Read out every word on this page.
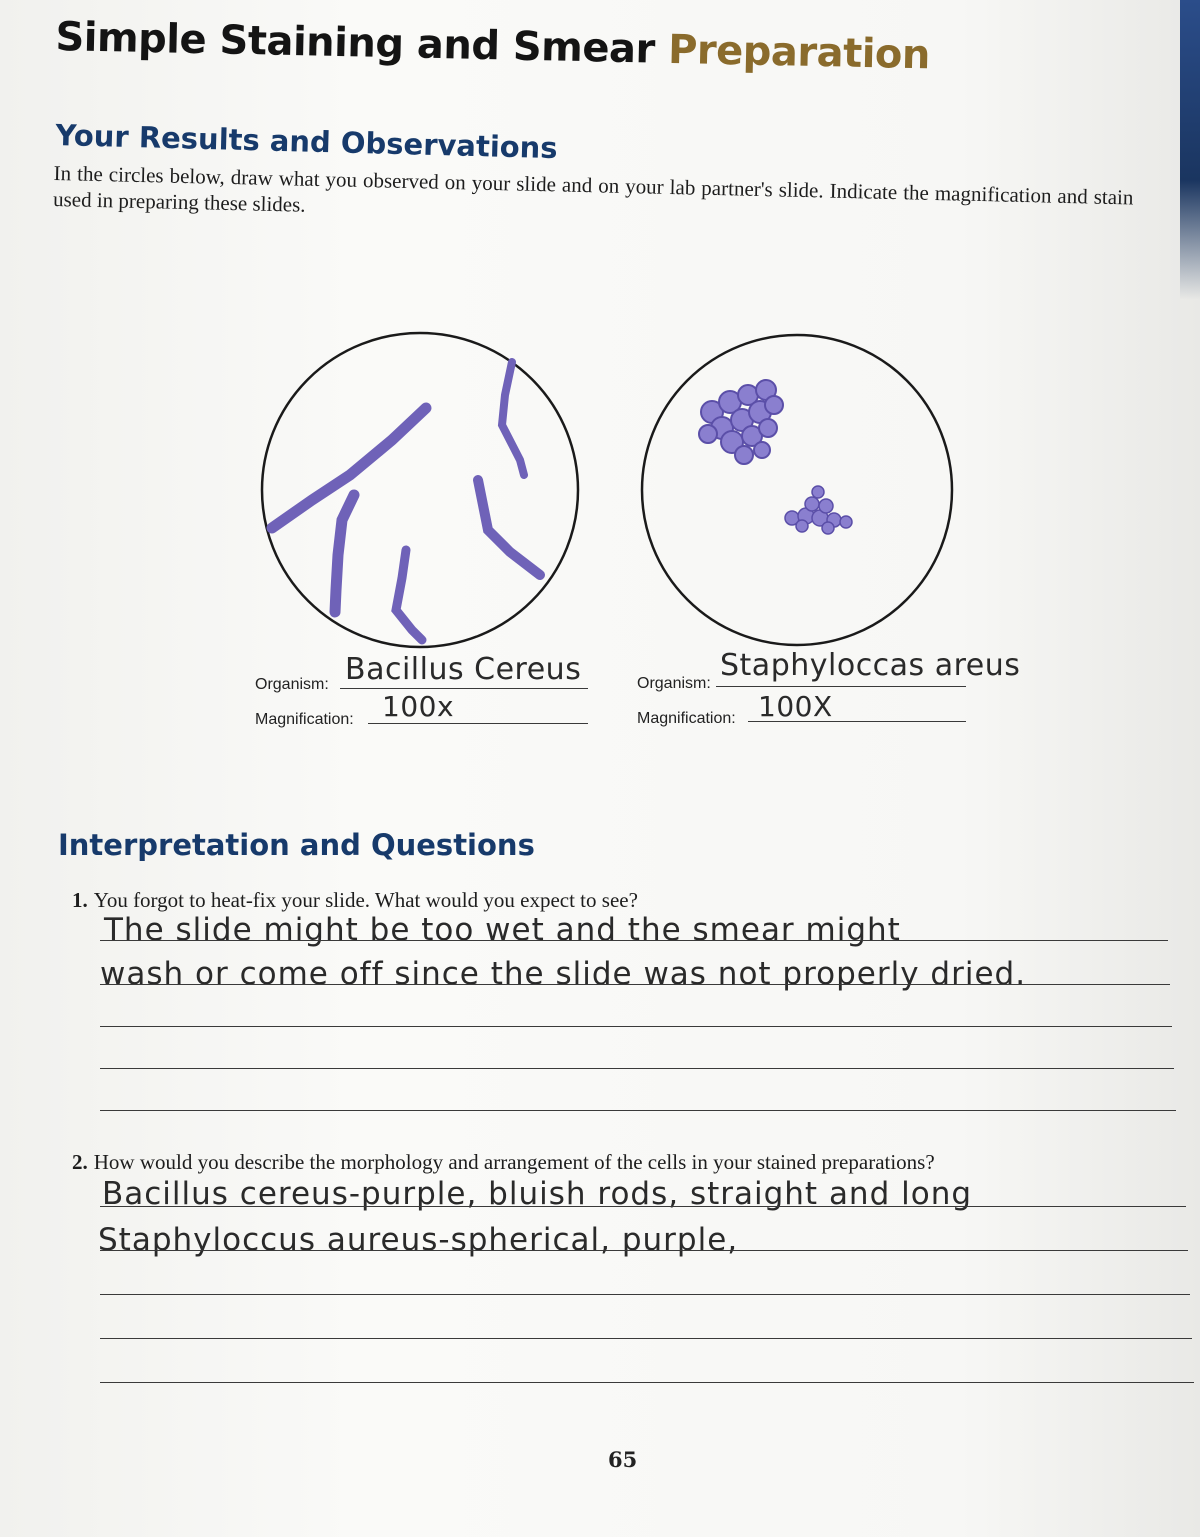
Simple Staining and Smear Preparation
Your Results and Observations
In the circles below, draw what you observed on your slide and on your lab partner's slide. Indicate the magnification and stain used in preparing these slides.
Organism: Bacillus Cereus
Magnification: 100x
Organism:
Staphyloccas areus
Magnification: 100X
Interpretation and Questions
1. You forgot to heat-fix your slide. What would you expect to see?
The slide might be too wet and the smear might
wash or come off since the slide was not properly dried.
2. How would you describe the morphology and arrangement of the cells in your stained preparations?
Bacillus cereus-purple, bluish rods, straight and long
Staphyloccus aureus-spherical, purple,
65
